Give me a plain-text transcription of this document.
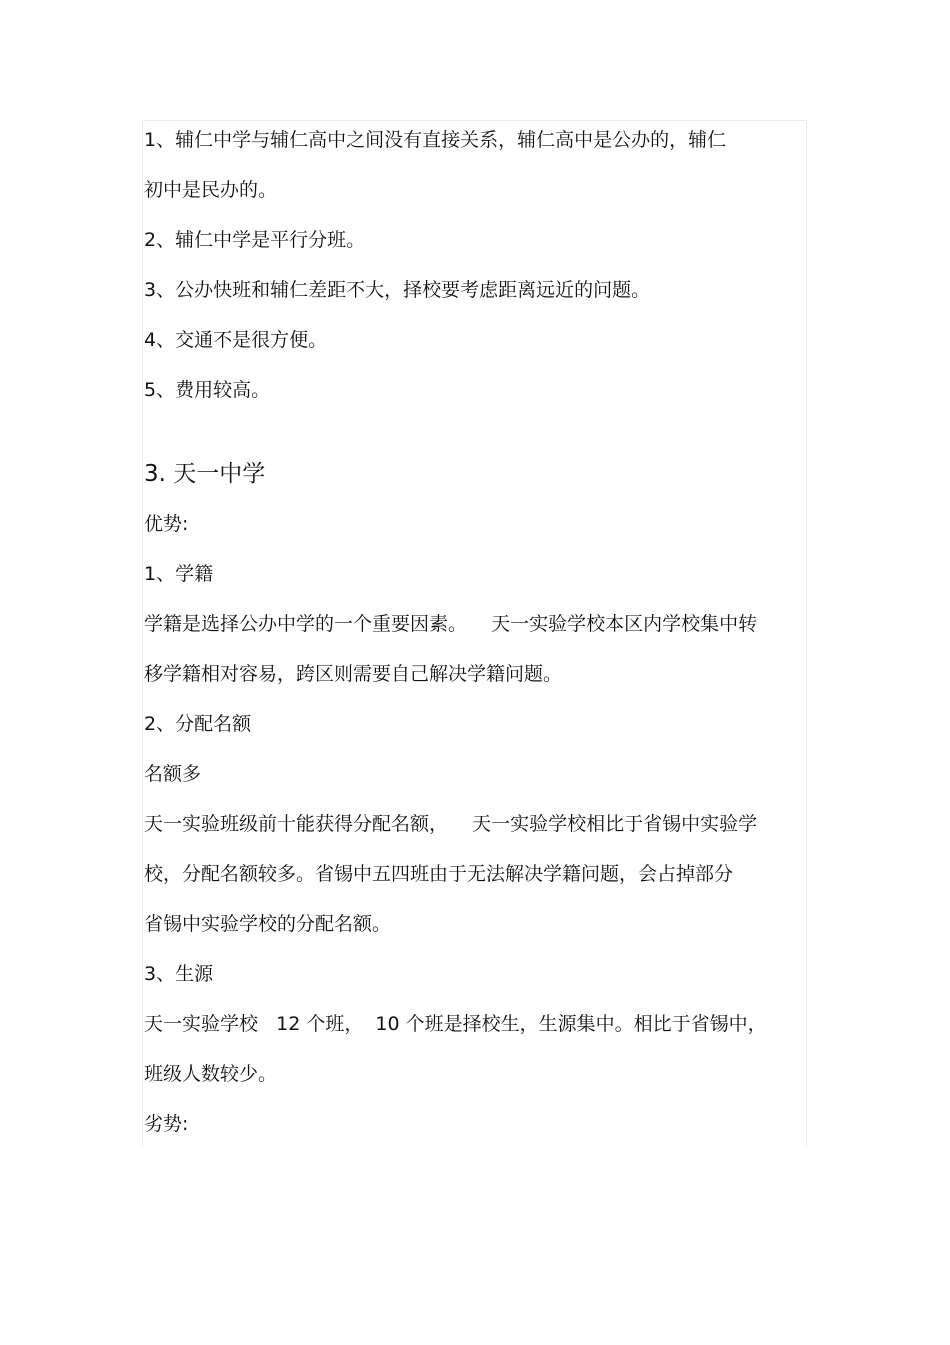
1、辅仁中学与辅仁高中之间没有直接关系，辅仁高中是公办的，辅仁

初中是民办的。

2、辅仁中学是平行分班。

3、公办快班和辅仁差距不大，择校要考虑距离远近的问题。

4、交通不是很方便。

5、费用较高。

3. 天一中学

优势:

1、学籍

学籍是选择公办中学的一个重要因素。    天一实验学校本区内学校集中转

移学籍相对容易，跨区则需要自己解决学籍问题。

2、分配名额

名额多

天一实验班级前十能获得分配名额，    天一实验学校相比于省锡中实验学

校，分配名额较多。省锡中五四班由于无法解决学籍问题，会占掉部分

省锡中实验学校的分配名额。

3、生源

天一实验学校   12 个班，  10 个班是择校生，生源集中。相比于省锡中，

班级人数较少。

劣势:
